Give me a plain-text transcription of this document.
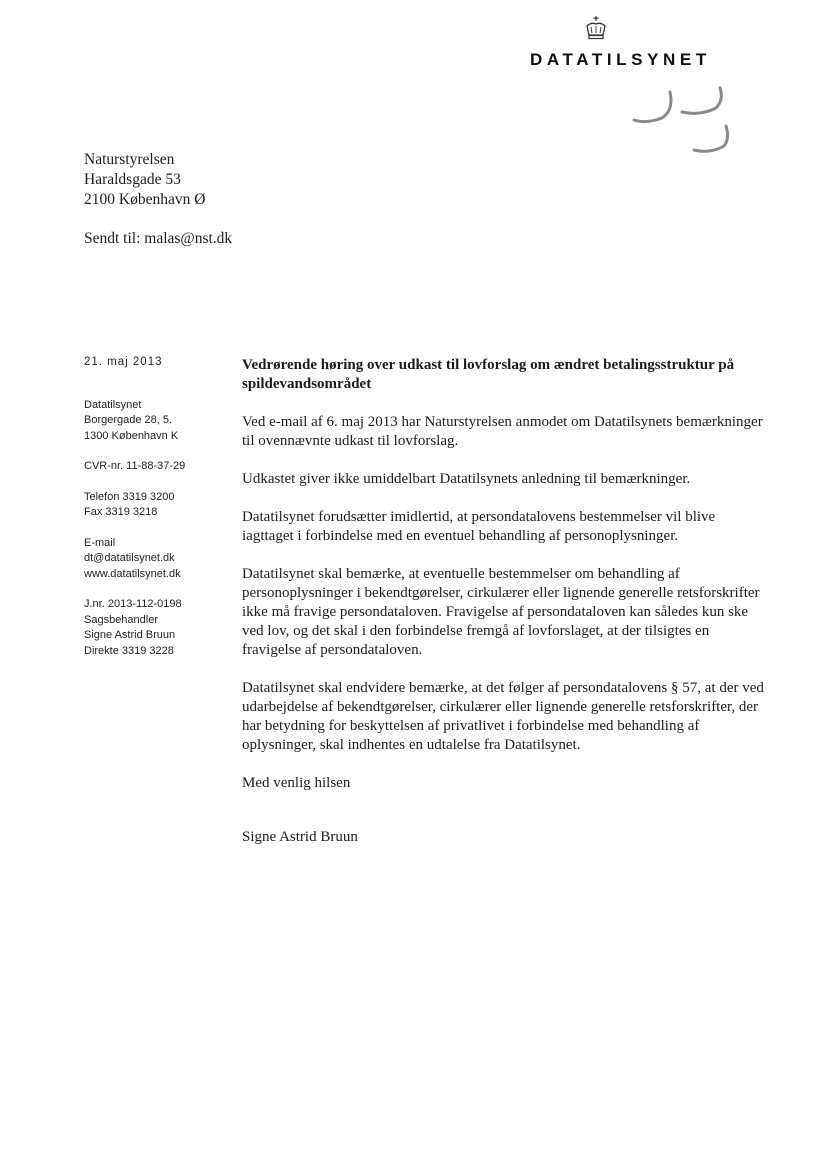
DATATILSYNET
Naturstyrelsen
Haraldsgade 53
2100 København Ø
Sendt til: malas@nst.dk
21. maj 2013
Datatilsynet
Borgergade 28, 5.
1300 København K
CVR-nr. 11-88-37-29
Telefon 3319 3200
Fax 3319 3218
E-mail
dt@datatilsynet.dk
www.datatilsynet.dk
J.nr. 2013-112-0198
Sagsbehandler
Signe Astrid Bruun
Direkte 3319 3228

Vedrørende høring over udkast til lovforslag om ændret betalingsstruktur på spildevandsområdet

Ved e-mail af 6. maj 2013 har Naturstyrelsen anmodet om Datatilsynets bemærkninger til ovennævnte udkast til lovforslag.

Udkastet giver ikke umiddelbart Datatilsynets anledning til bemærkninger.

Datatilsynet forudsætter imidlertid, at persondatalovens bestemmelser vil blive iagttaget i forbindelse med en eventuel behandling af personoplysninger.

Datatilsynet skal bemærke, at eventuelle bestemmelser om behandling af personoplysninger i bekendtgørelser, cirkulærer eller lignende generelle retsforskrifter ikke må fravige persondataloven. Fravigelse af persondataloven kan således kun ske ved lov, og det skal i den forbindelse fremgå af lovforslaget, at der tilsigtes en fravigelse af persondataloven.

Datatilsynet skal endvidere bemærke, at det følger af persondatalovens § 57, at der ved udarbejdelse af bekendtgørelser, cirkulærer eller lignende generelle retsforskrifter, der har betydning for beskyttelsen af privatlivet i forbindelse med behandling af oplysninger, skal indhentes en udtalelse fra Datatilsynet.

Med venlig hilsen

Signe Astrid Bruun
